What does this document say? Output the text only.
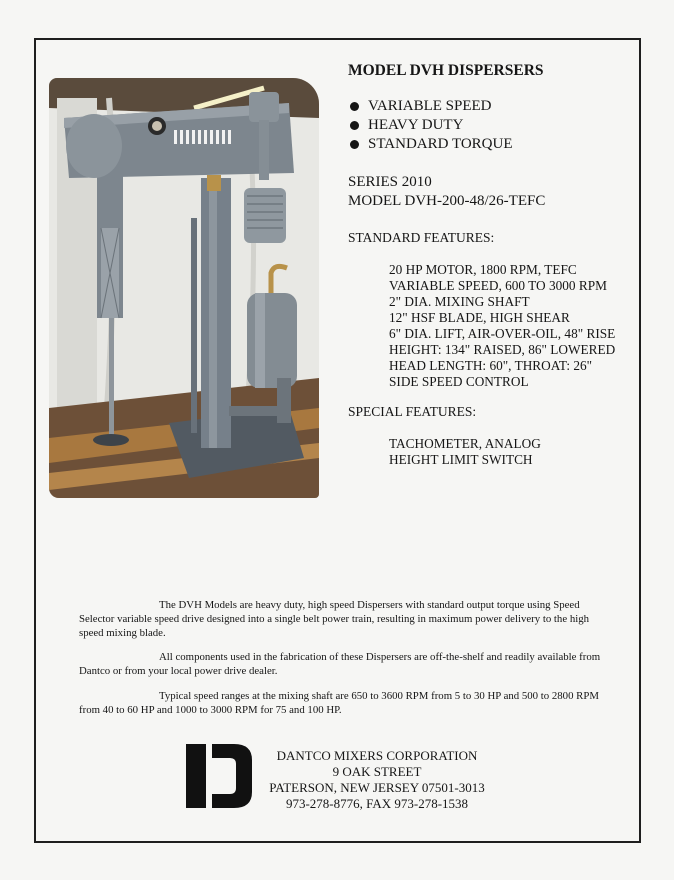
MODEL DVH DISPERSERS
VARIABLE SPEED
HEAVY DUTY
STANDARD TORQUE
SERIES 2010
MODEL DVH-200-48/26-TEFC
STANDARD FEATURES:
20 HP MOTOR, 1800 RPM, TEFC
VARIABLE SPEED, 600 TO 3000 RPM
2" DIA. MIXING SHAFT
12" HSF BLADE, HIGH SHEAR
6" DIA. LIFT, AIR-OVER-OIL, 48" RISE
HEIGHT: 134" RAISED, 86" LOWERED
HEAD LENGTH: 60", THROAT: 26"
SIDE SPEED CONTROL
SPECIAL FEATURES:
TACHOMETER, ANALOG
HEIGHT LIMIT SWITCH

The DVH Models are heavy duty, high speed Dispersers with standard output torque using Speed Selector variable speed drive designed into a single belt power train, resulting in maximum power delivery to the high speed mixing blade.

All components used in the fabrication of these Dispersers are off-the-shelf and readily available from Dantco or from your local power drive dealer.

Typical speed ranges at the mixing shaft are 650 to 3600 RPM from 5 to 30 HP and 500 to 2800 RPM from 40 to 60 HP and 1000 to 3000 RPM for 75 and 100 HP.

DANTCO MIXERS CORPORATION
9 OAK STREET
PATERSON, NEW JERSEY 07501-3013
973-278-8776, FAX 973-278-1538
